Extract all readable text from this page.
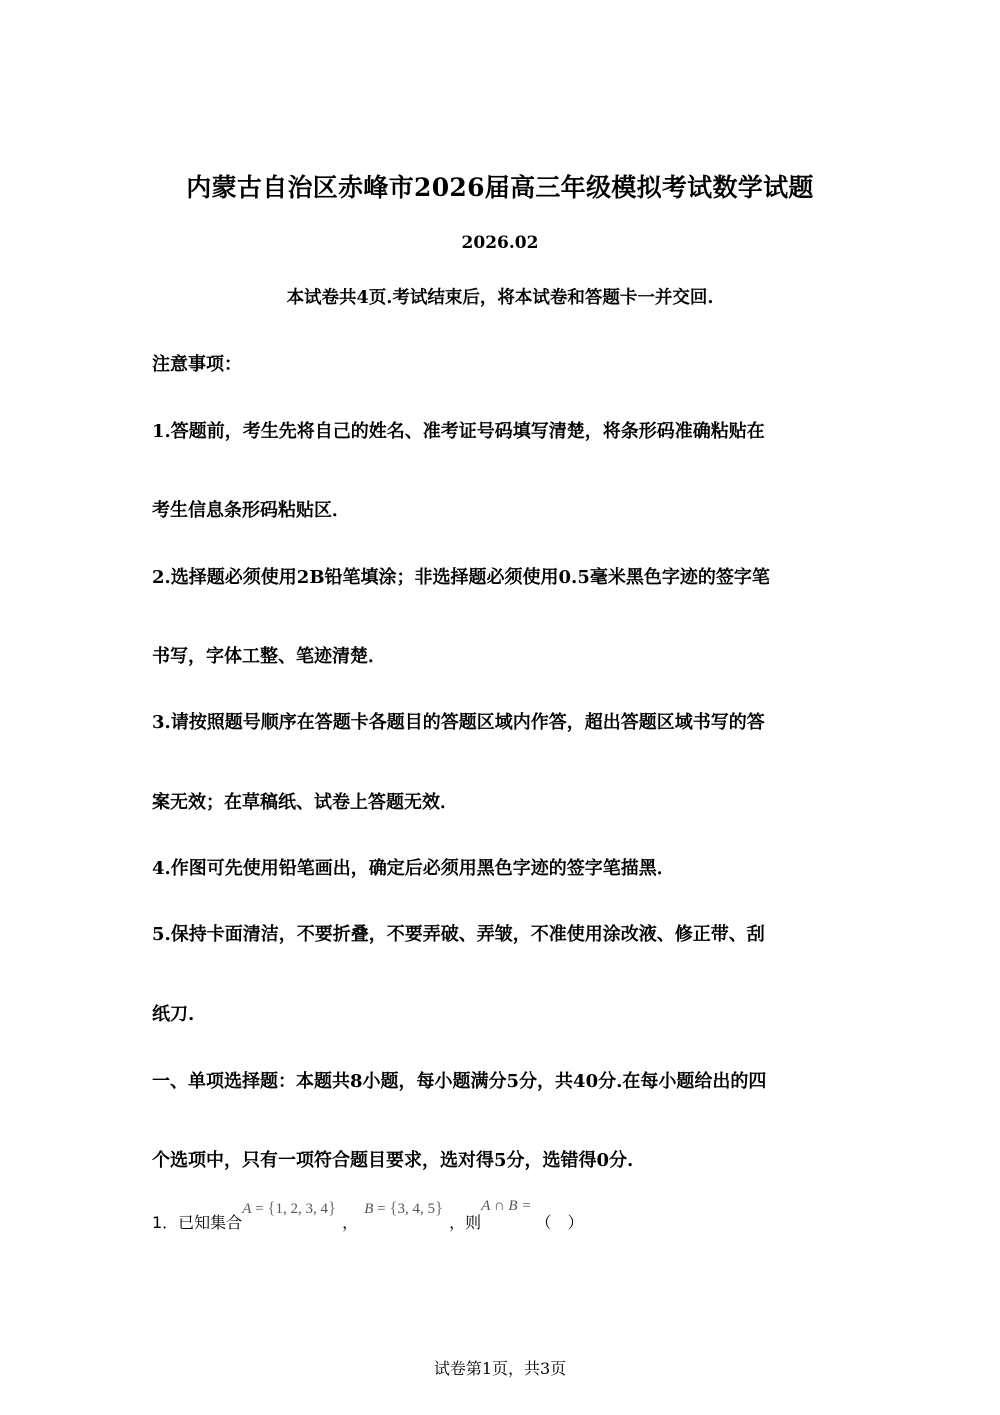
内蒙古自治区赤峰市2026届高三年级模拟考试数学试题
2026.02
本试卷共4页.考试结束后，将本试卷和答题卡一并交回.
注意事项：
1.答题前，考生先将自己的姓名、准考证号码填写清楚，将条形码准确粘贴在
考生信息条形码粘贴区．
2.选择题必须使用2B铅笔填涂；非选择题必须使用0.5毫米黑色字迹的签字笔
书写，字体工整、笔迹清楚．
3.请按照题号顺序在答题卡各题目的答题区域内作答，超出答题区域书写的答
案无效；在草稿纸、试卷上答题无效．
4.作图可先使用铅笔画出，确定后必须用黑色字迹的签字笔描黑．
5.保持卡面清洁，不要折叠，不要弄破、弄皱，不准使用涂改液、修正带、刮
纸刀.
一、单项选择题：本题共8小题，每小题满分5分，共40分.在每小题给出的四
个选项中，只有一项符合题目要求，选对得5分，选错得0分.
1．已知集合
A = {1, 2, 3, 4}
，
B = {3, 4, 5}
，则
A ∩ B =
（　）
试卷第1页，共3页
